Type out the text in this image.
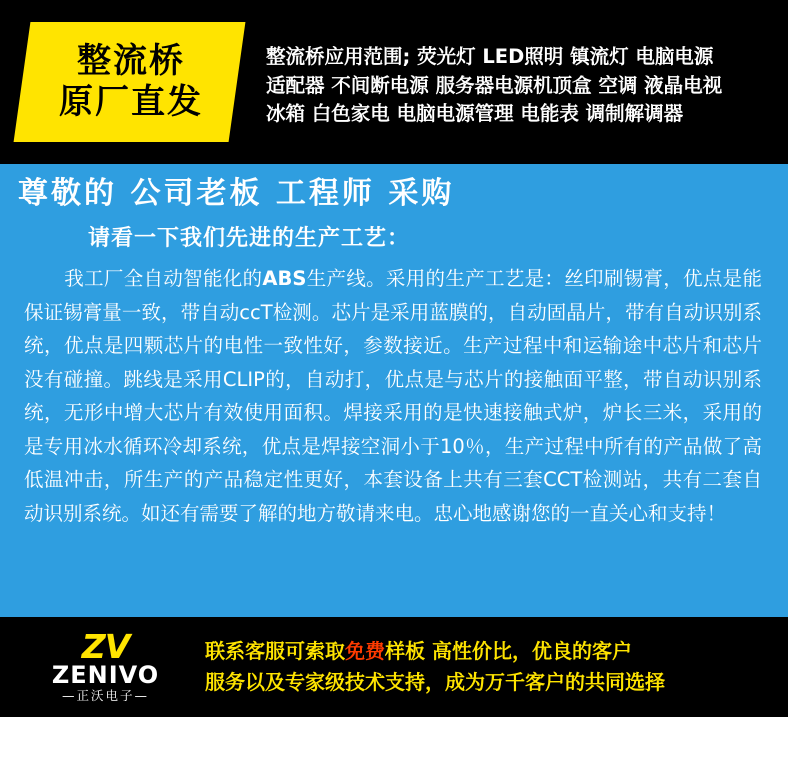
整流桥
原厂直发
整流桥应用范围; 荧光灯 LED照明 镇流灯 电脑电源
适配器 不间断电源 服务器电源机顶盒 空调 液晶电视
冰箱 白色家电 电脑电源管理 电能表 调制解调器
尊敬的 公司老板 工程师 采购
请看一下我们先进的生产工艺：
我工厂全自动智能化的ABS生产线。采用的生产工艺是：丝印刷锡膏，优点是能保证锡膏量一致，带自动ccT检测。芯片是采用蓝膜的，自动固晶片，带有自动识别系统，优点是四颗芯片的电性一致性好，参数接近。生产过程中和运输途中芯片和芯片没有碰撞。跳线是采用CLIP的，自动打，优点是与芯片的接触面平整，带自动识别系统，无形中增大芯片有效使用面积。焊接采用的是快速接触式炉，炉长三米，采用的是专用冰水循环冷却系统，优点是焊接空洞小于10％，生产过程中所有的产品做了高低温冲击，所生产的产品稳定性更好，本套设备上共有三套CCT检测站，共有二套自动识别系统。如还有需要了解的地方敬请来电。忠心地感谢您的一直关心和支持！
ZV
ZENIVO
—正沃电子—
联系客服可索取免费样板 高性价比，优良的客户
服务以及专家级技术支持，成为万千客户的共同选择
